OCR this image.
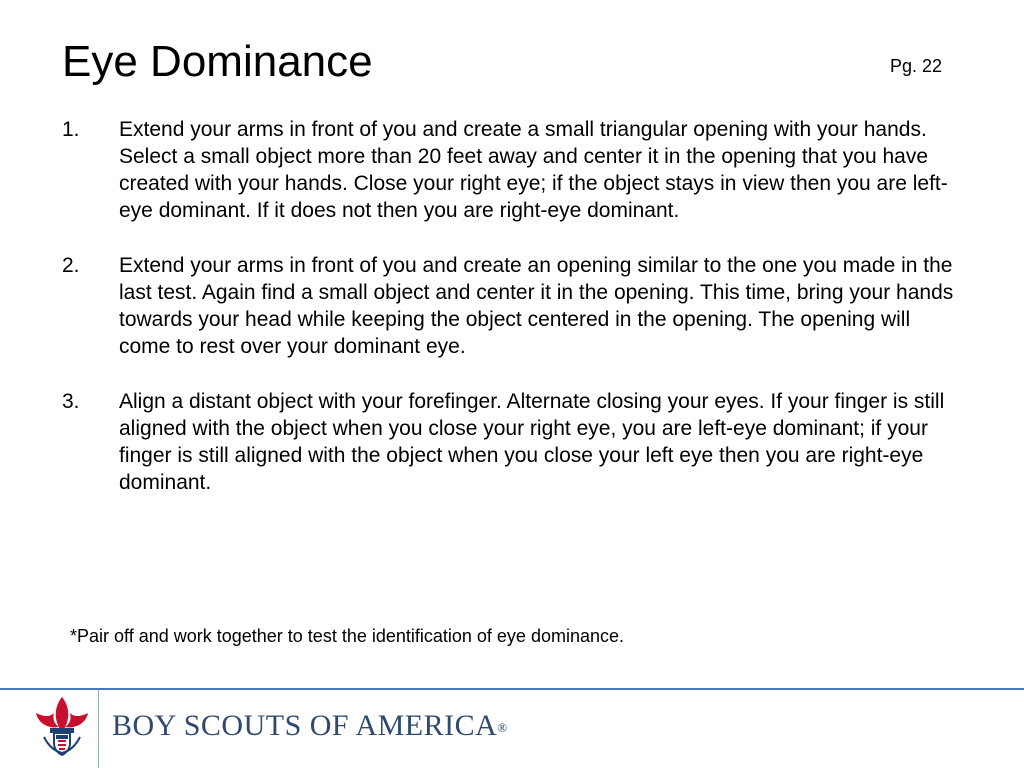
Eye Dominance	Pg. 22
1. Extend your arms in front of you and create a small triangular opening with your hands. Select a small object more than 20 feet away and center it in the opening that you have created with your hands. Close your right eye; if the object stays in view then you are left-eye dominant. If it does not then you are right-eye dominant.
2. Extend your arms in front of you and create an opening similar to the one you made in the last test. Again find a small object and center it in the opening. This time, bring your hands towards your head while keeping the object centered in the opening. The opening will come to rest over your dominant eye.
3. Align a distant object with your forefinger. Alternate closing your eyes. If your finger is still aligned with the object when you close your right eye, you are left-eye dominant; if your finger is still aligned with the object when you close your left eye then you are right-eye dominant.
*Pair off and work together to test the identification of eye dominance.
BOY SCOUTS OF AMERICA®
